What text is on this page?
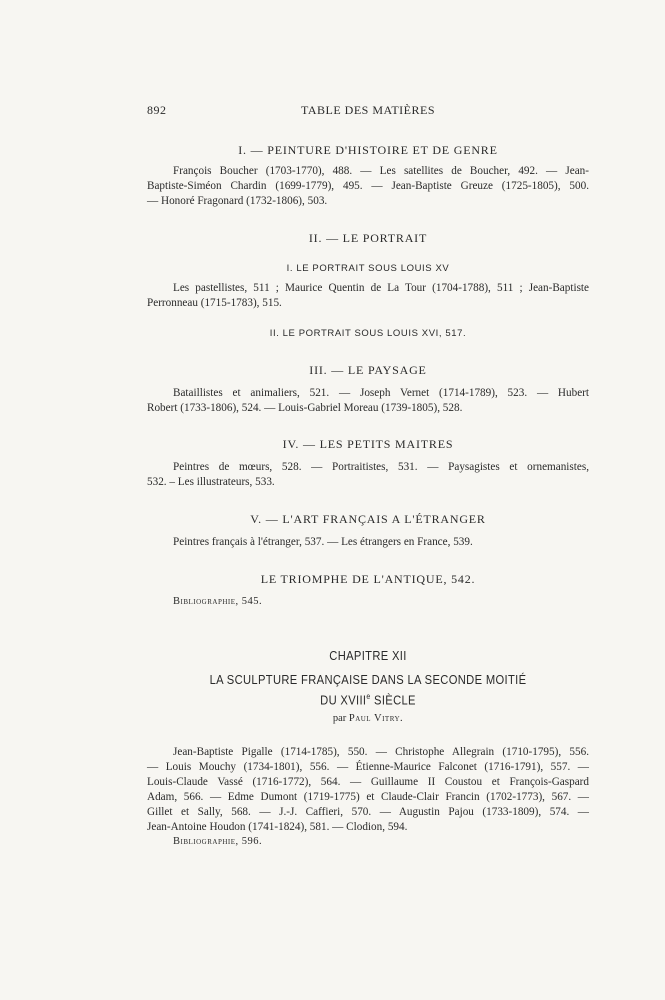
892	TABLE DES MATIÈRES
I. — PEINTURE D'HISTOIRE ET DE GENRE
François Boucher (1703-1770), 488. — Les satellites de Boucher, 492. — Jean-
Baptiste-Siméon Chardin (1699-1779), 495. — Jean-Baptiste Greuze (1725-1805), 500.
— Honoré Fragonard (1732-1806), 503.
II. — LE PORTRAIT
I. LE PORTRAIT SOUS LOUIS XV
Les pastellistes, 511 ; Maurice Quentin de La Tour (1704-1788), 511 ; Jean-Baptiste
Perronneau (1715-1783), 515.
II. LE PORTRAIT SOUS LOUIS XVI, 517.
III. — LE PAYSAGE
Bataillistes et animaliers, 521. — Joseph Vernet (1714-1789), 523. — Hubert
Robert (1733-1806), 524. — Louis-Gabriel Moreau (1739-1805), 528.
IV. — LES PETITS MAITRES
Peintres de mœurs, 528. — Portraitistes, 531. — Paysagistes et ornemanistes,
532. – Les illustrateurs, 533.
V. — L'ART FRANÇAIS A L'ÉTRANGER
Peintres français à l'étranger, 537. — Les étrangers en France, 539.
LE TRIOMPHE DE L'ANTIQUE, 542.
Bibliographie, 545.
CHAPITRE XII
LA SCULPTURE FRANÇAISE DANS LA SECONDE MOITIÉ
DU XVIIIe SIÈCLE
par Paul Vitry.
Jean-Baptiste Pigalle (1714-1785), 550. — Christophe Allegrain (1710-1795), 556.
— Louis Mouchy (1734-1801), 556. — Étienne-Maurice Falconet (1716-1791), 557. —
Louis-Claude Vassé (1716-1772), 564. — Guillaume II Coustou et François-Gaspard
Adam, 566. — Edme Dumont (1719-1775) et Claude-Clair Francin (1702-1773), 567. —
Gillet et Sally, 568. — J.-J. Caffieri, 570. — Augustin Pajou (1733-1809), 574. —
Jean-Antoine Houdon (1741-1824), 581. — Clodion, 594.
Bibliographie, 596.
